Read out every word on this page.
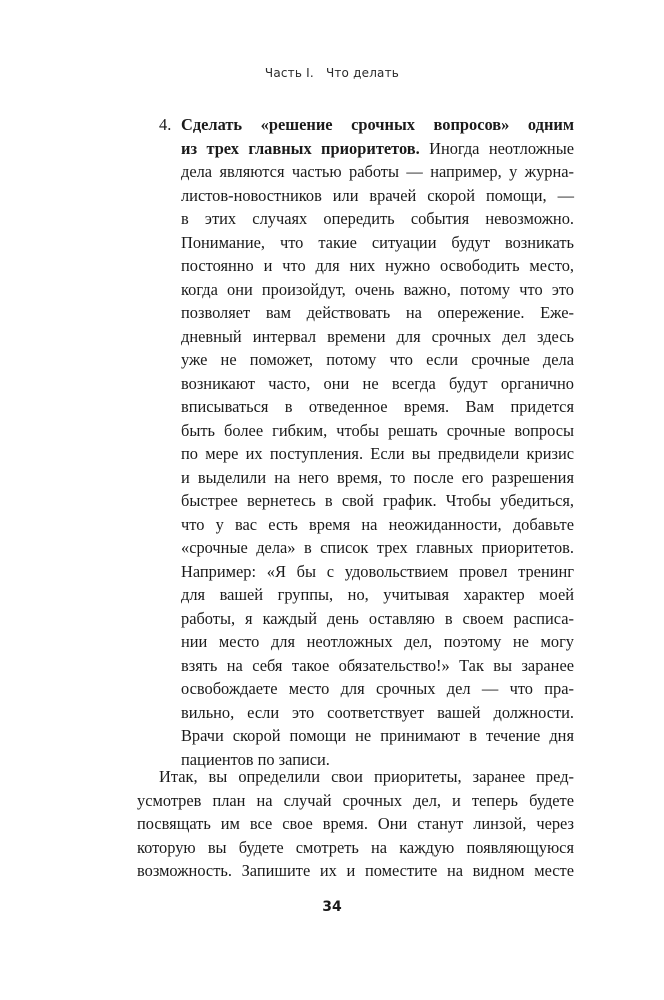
Часть I. Что делать
4. Сделать «решение срочных вопросов» одним
из трех главных приоритетов. Иногда неотложные
дела являются частью работы — например, у журна-
листов-новостников или врачей скорой помощи, —
в этих случаях опередить события невозможно.
Понимание, что такие ситуации будут возникать
постоянно и что для них нужно освободить место,
когда они произойдут, очень важно, потому что это
позволяет вам действовать на опережение. Еже-
дневный интервал времени для срочных дел здесь
уже не поможет, потому что если срочные дела
возникают часто, они не всегда будут органично
вписываться в отведенное время. Вам придется
быть более гибким, чтобы решать срочные вопросы
по мере их поступления. Если вы предвидели кризис
и выделили на него время, то после его разрешения
быстрее вернетесь в свой график. Чтобы убедиться,
что у вас есть время на неожиданности, добавьте
«срочные дела» в список трех главных приоритетов.
Например: «Я бы с удовольствием провел тренинг
для вашей группы, но, учитывая характер моей
работы, я каждый день оставляю в своем расписа-
нии место для неотложных дел, поэтому не могу
взять на себя такое обязательство!» Так вы заранее
освобождаете место для срочных дел — что пра-
вильно, если это соответствует вашей должности.
Врачи скорой помощи не принимают в течение дня
пациентов по записи.
Итак, вы определили свои приоритеты, заранее пред-
усмотрев план на случай срочных дел, и теперь будете
посвящать им все свое время. Они станут линзой, через
которую вы будете смотреть на каждую появляющуюся
возможность. Запишите их и поместите на видном месте
34
